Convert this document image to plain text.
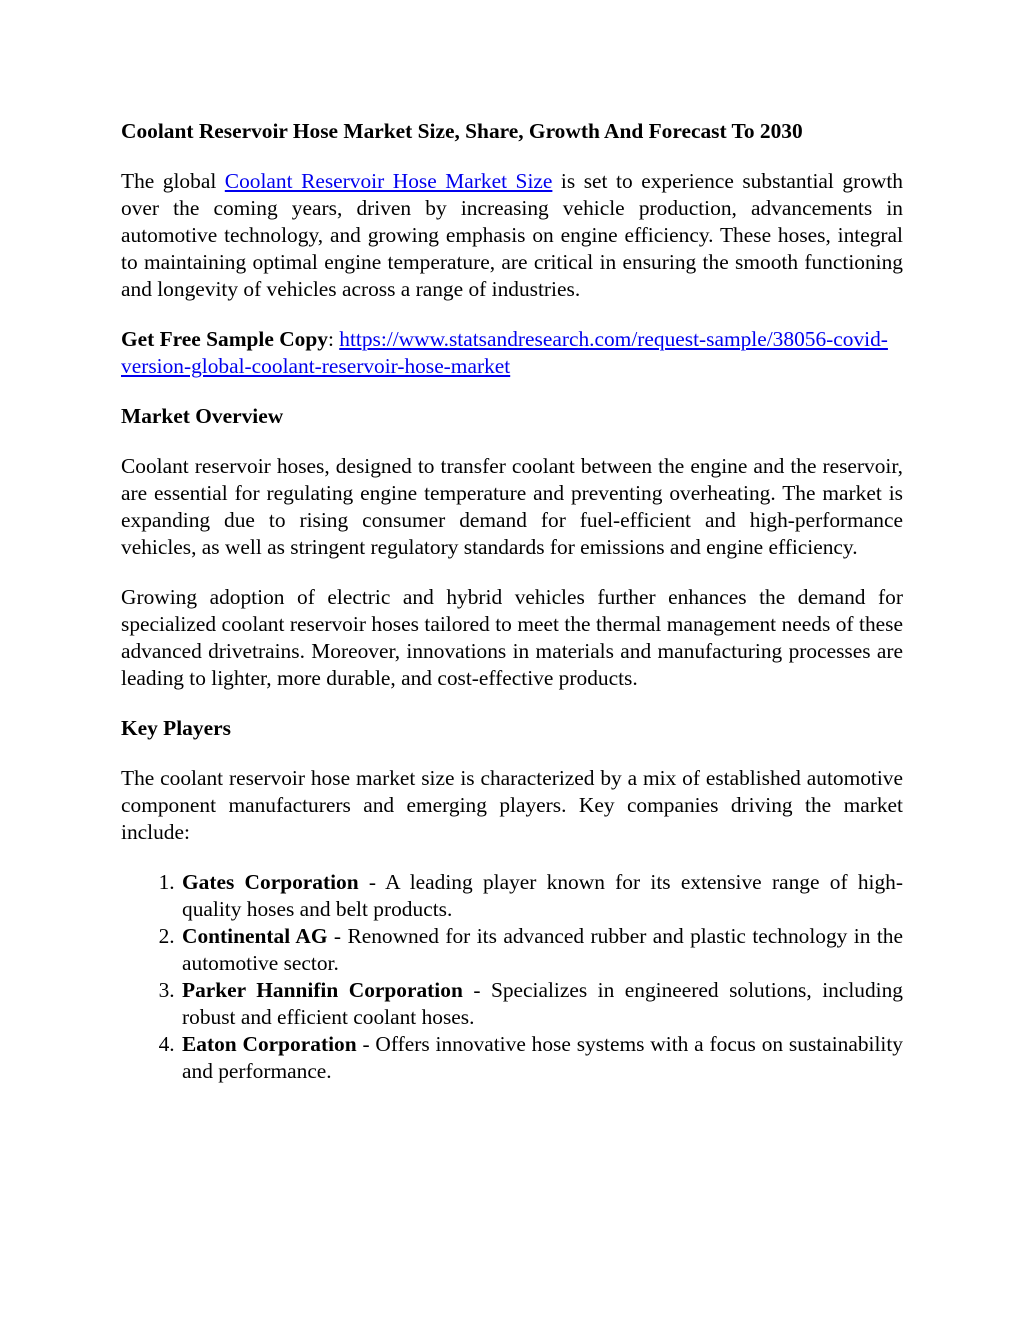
Coolant Reservoir Hose Market Size, Share, Growth And Forecast To 2030

The global Coolant Reservoir Hose Market Size is set to experience substantial growth over the coming years, driven by increasing vehicle production, advancements in automotive technology, and growing emphasis on engine efficiency. These hoses, integral to maintaining optimal engine temperature, are critical in ensuring the smooth functioning and longevity of vehicles across a range of industries.

Get Free Sample Copy: https://www.statsandresearch.com/request-sample/38056-covid-version-global-coolant-reservoir-hose-market

Market Overview

Coolant reservoir hoses, designed to transfer coolant between the engine and the reservoir, are essential for regulating engine temperature and preventing overheating. The market is expanding due to rising consumer demand for fuel-efficient and high-performance vehicles, as well as stringent regulatory standards for emissions and engine efficiency.

Growing adoption of electric and hybrid vehicles further enhances the demand for specialized coolant reservoir hoses tailored to meet the thermal management needs of these advanced drivetrains. Moreover, innovations in materials and manufacturing processes are leading to lighter, more durable, and cost-effective products.

Key Players

The coolant reservoir hose market size is characterized by a mix of established automotive component manufacturers and emerging players. Key companies driving the market include:

1. Gates Corporation - A leading player known for its extensive range of high-quality hoses and belt products.
2. Continental AG - Renowned for its advanced rubber and plastic technology in the automotive sector.
3. Parker Hannifin Corporation - Specializes in engineered solutions, including robust and efficient coolant hoses.
4. Eaton Corporation - Offers innovative hose systems with a focus on sustainability and performance.
